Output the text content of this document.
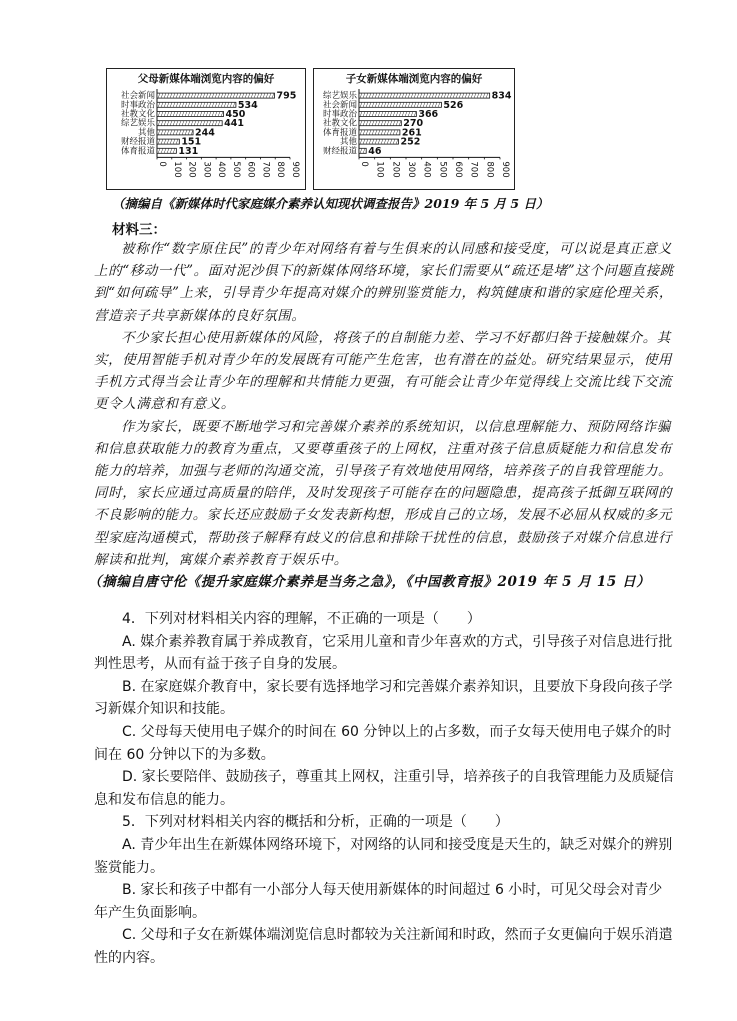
父母新媒体端浏览内容的偏好
0 100 200 300 400 500 600 700 800 900
社会新闻	795
时事政治	534
社教文化	450
综艺娱乐	441
其他	244
财经报道	151
体育报道 131
子女新媒体端浏览内容的偏好
0 100 200 300 400 500 600 700 800 900
综艺娱乐	834
社会新闻	526
时事政治	366
社教文化	270
体育报道	261
其他	252
财经报道 46
（摘编自《新媒体时代家庭媒介素养认知现状调查报告》2019 年 5 月 5 日）
材料三：

被称作“数字原住民”的青少年对网络有着与生俱来的认同感和接受度，可以说是真正意义上的“移动一代”。面对泥沙俱下的新媒体网络环境，家长们需要从“疏还是堵”这个问题直接跳到“如何疏导”上来，引导青少年提高对媒介的辨别鉴赏能力，构筑健康和谐的家庭伦理关系，营造亲子共享新媒体的良好氛围。

不少家长担心使用新媒体的风险，将孩子的自制能力差、学习不好都归咎于接触媒介。其实，使用智能手机对青少年的发展既有可能产生危害，也有潜在的益处。研究结果显示，使用手机方式得当会让青少年的理解和共情能力更强，有可能会让青少年觉得线上交流比线下交流更令人满意和有意义。

作为家长，既要不断地学习和完善媒介素养的系统知识，以信息理解能力、预防网络诈骗和信息获取能力的教育为重点，又要尊重孩子的上网权，注重对孩子信息质疑能力和信息发布能力的培养，加强与老师的沟通交流，引导孩子有效地使用网络，培养孩子的自我管理能力。同时，家长应通过高质量的陪伴，及时发现孩子可能存在的问题隐患，提高孩子抵御互联网的不良影响的能力。家长还应鼓励子女发表新构想，形成自己的立场，发展不必屈从权威的多元型家庭沟通模式，帮助孩子解释有歧义的信息和排除干扰性的信息，鼓励孩子对媒介信息进行解读和批判，寓媒介素养教育于娱乐中。

（摘编自唐守伦《提升家庭媒介素养是当务之急》，《中国教育报》2019 年 5 月 15 日）

4．下列对材料相关内容的理解，不正确的一项是（　　）

A. 媒介素养教育属于养成教育，它采用儿童和青少年喜欢的方式，引导孩子对信息进行批判性思考，从而有益于孩子自身的发展。

B. 在家庭媒介教育中，家长要有选择地学习和完善媒介素养知识，且要放下身段向孩子学习新媒介知识和技能。

C. 父母每天使用电子媒介的时间在 60 分钟以上的占多数，而子女每天使用电子媒介的时间在 60 分钟以下的为多数。

D. 家长要陪伴、鼓励孩子，尊重其上网权，注重引导，培养孩子的自我管理能力及质疑信息和发布信息的能力。

5．下列对材料相关内容的概括和分析，正确的一项是（　　）

A. 青少年出生在新媒体网络环境下，对网络的认同和接受度是天生的，缺乏对媒介的辨别鉴赏能力。

B. 家长和孩子中都有一小部分人每天使用新媒体的时间超过 6 小时，可见父母会对青少年产生负面影响。

C. 父母和子女在新媒体端浏览信息时都较为关注新闻和时政，然而子女更偏向于娱乐消遣性的内容。
